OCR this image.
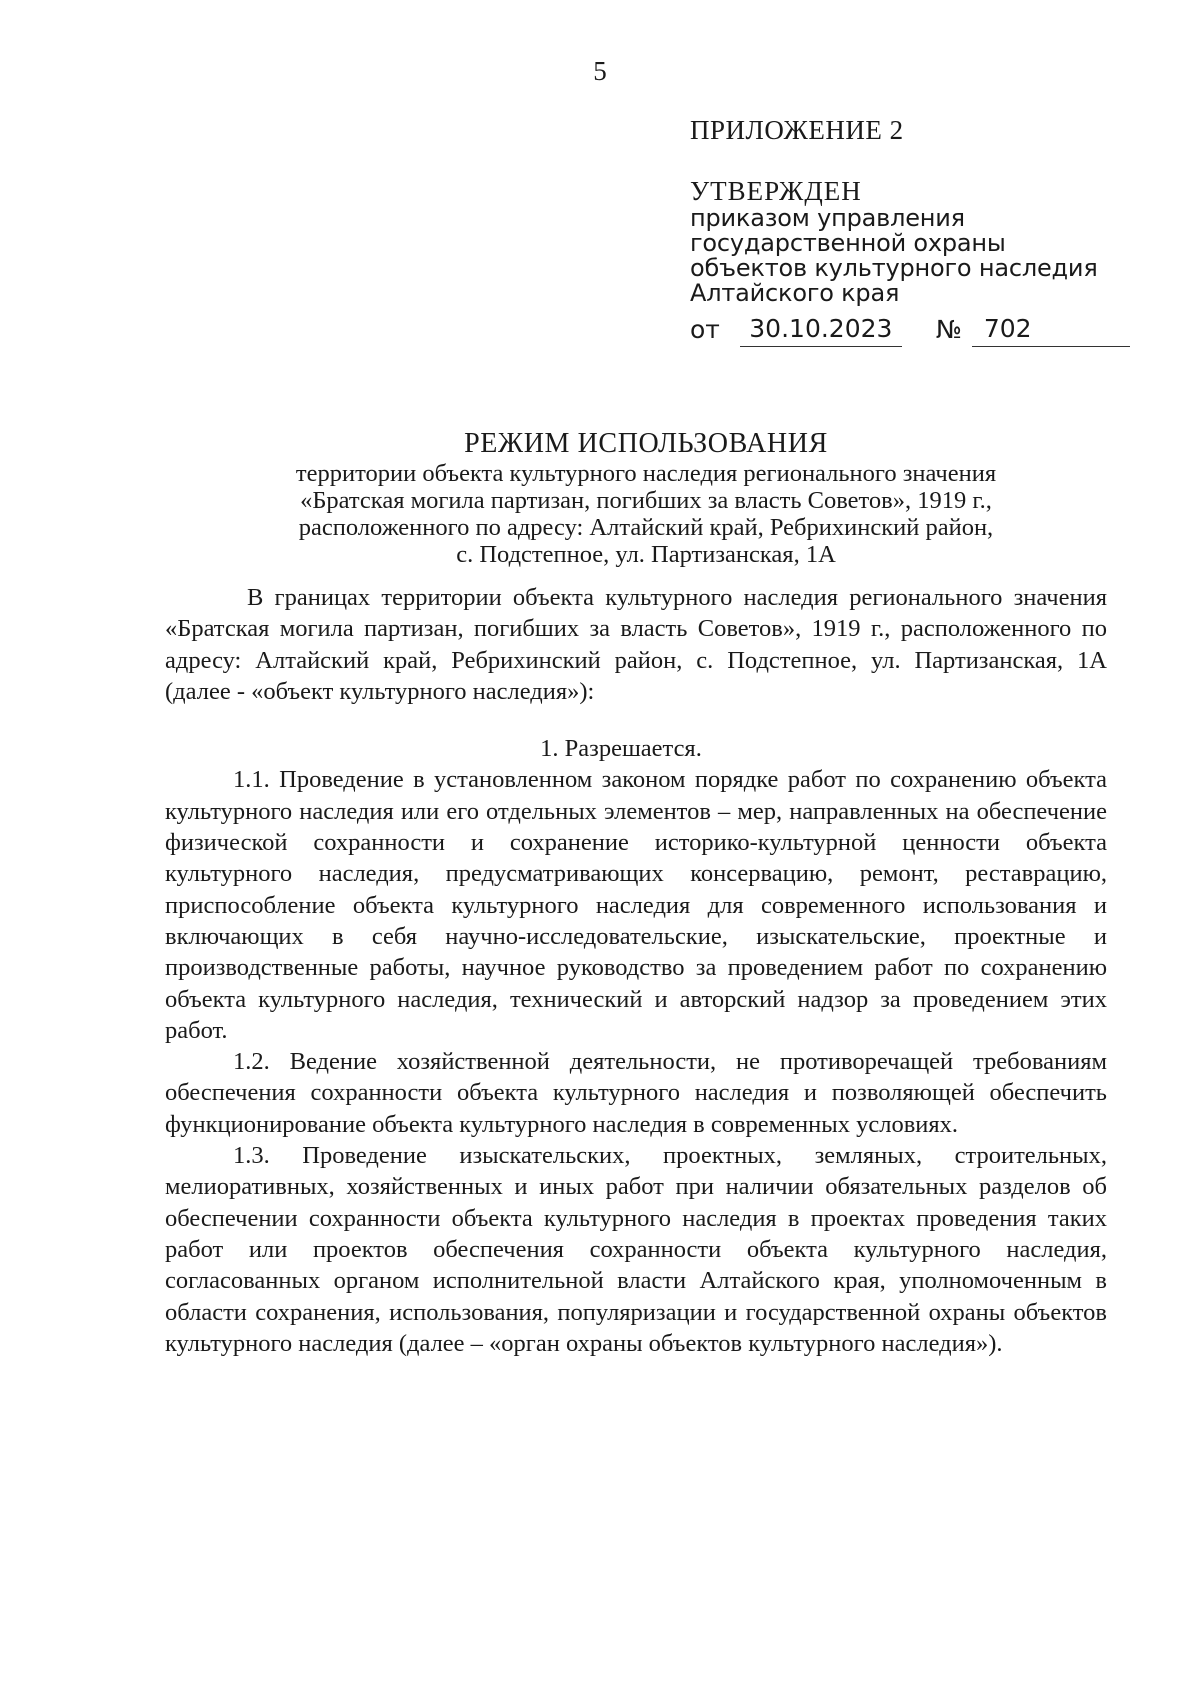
5

ПРИЛОЖЕНИЕ 2

УТВЕРЖДЕН
приказом управления
государственной охраны
объектов культурного наследия
Алтайского края
от	30.10.2023	№ 702

РЕЖИМ ИСПОЛЬЗОВАНИЯ

территории объекта культурного наследия регионального значения
«Братская могила партизан, погибших за власть Советов», 1919 г.,
расположенного по адресу: Алтайский край, Ребрихинский район,
с. Подстепное, ул. Партизанская, 1А

В границах территории объекта культурного наследия регионального значения «Братская могила партизан, погибших за власть Советов», 1919 г., расположенного по адресу: Алтайский край, Ребрихинский район, с. Подстепное, ул. Партизанская, 1А (далее - «объект культурного наследия»):

1. Разрешается.

1.1. Проведение в установленном законом порядке работ по сохранению объекта культурного наследия или его отдельных элементов – мер, направленных на обеспечение физической сохранности и сохранение историко-культурной ценности объекта культурного наследия, предусматривающих консервацию, ремонт, реставрацию, приспособление объекта культурного наследия для современного использования и включающих в себя научно-исследовательские, изыскательские, проектные и производственные работы, научное руководство за проведением работ по сохранению объекта культурного наследия, технический и авторский надзор за проведением этих работ.

1.2. Ведение хозяйственной деятельности, не противоречащей требованиям обеспечения сохранности объекта культурного наследия и позволяющей обеспечить функционирование объекта культурного наследия в современных условиях.

1.3. Проведение изыскательских, проектных, земляных, строительных, мелиоративных, хозяйственных и иных работ при наличии обязательных разделов об обеспечении сохранности объекта культурного наследия в проектах проведения таких работ или проектов обеспечения сохранности объекта культурного наследия, согласованных органом исполнительной власти Алтайского края, уполномоченным в области сохранения, использования, популяризации и государственной охраны объектов культурного наследия (далее – «орган охраны объектов культурного наследия»).
